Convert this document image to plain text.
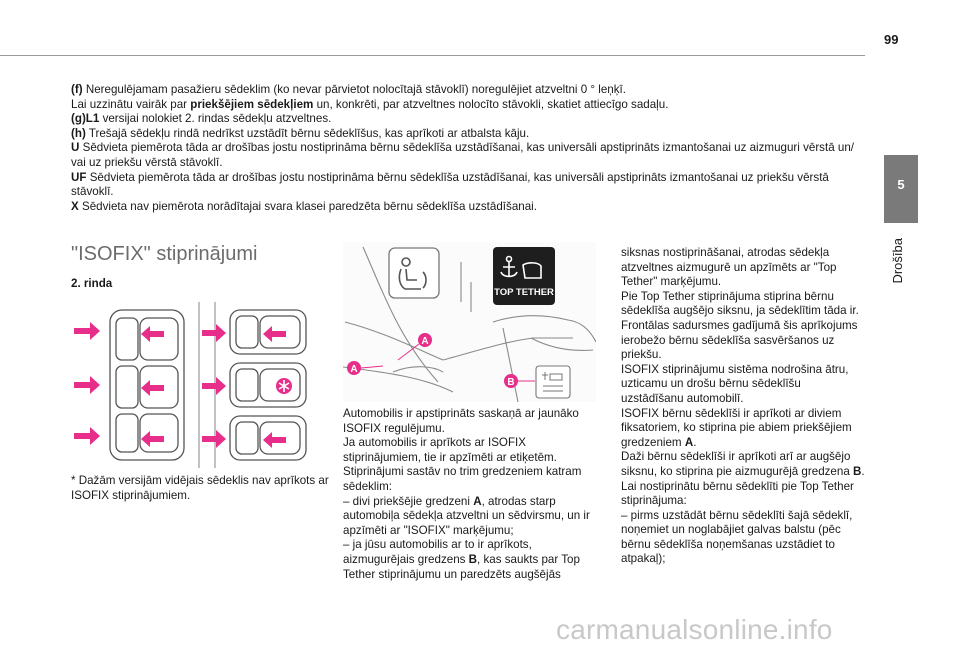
99
5
Drošība

(f) Neregulējamam pasažieru sēdeklim (ko nevar pārvietot nolocītajā stāvoklī) noregulējiet atzveltni 0 ° leņķī.

Lai uzzinātu vairāk par priekšējiem sēdekļiem un, konkrēti, par atzveltnes nolocīto stāvokli, skatiet attiecīgo sadaļu.

(g)L1 versijai nolokiet 2. rindas sēdekļu atzveltnes.

(h) Trešajā sēdekļu rindā nedrīkst uzstādīt bērnu sēdeklīšus, kas aprīkoti ar atbalsta kāju.

U Sēdvieta piemērota tāda ar drošības jostu nostiprināma bērnu sēdeklīša uzstādīšanai, kas universāli apstiprināts izmantošanai uz aizmuguri vērstā un/ vai uz priekšu vērstā stāvoklī.

UF Sēdvieta piemērota tāda ar drošības jostu nostiprināma bērnu sēdeklīša uzstādīšanai, kas universāli apstiprināts izmantošanai uz priekšu vērstā stāvoklī.

X Sēdvieta nav piemērota norādītajai svara klasei paredzēta bērnu sēdeklīša uzstādīšanai.

"ISOFIX" stiprinājumi
2. rinda
* Dažām versijām vidējais sēdeklis nav aprīkots ar ISOFIX stiprinājumiem.
TOP TETHER
A
A
B

Automobilis ir apstiprināts saskaņā ar jaunāko ISOFIX regulējumu.

Ja automobilis ir aprīkots ar ISOFIX stiprinājumiem, tie ir apzīmēti ar etiķetēm.

Stiprinājumi sastāv no trim gredzeniem katram sēdeklim:

– divi priekšējie gredzeni A, atrodas starp automobiļa sēdekļa atzveltni un sēdvirsmu, un ir apzīmēti ar "ISOFIX" marķējumu;

– ja jūsu automobilis ar to ir aprīkots, aizmugurējais gredzens B, kas saukts par Top Tether stiprinājumu un paredzēts augšējās

siksnas nostiprināšanai, atrodas sēdekļa atzveltnes aizmugurē un apzīmēts ar "Top Tether" marķējumu.

Pie Top Tether stiprinājuma stiprina bērnu sēdeklīša augšējo siksnu, ja sēdeklītim tāda ir.

Frontālas sadursmes gadījumā šis aprīkojums ierobežo bērnu sēdeklīša sasvēršanos uz priekšu.

ISOFIX stiprinājumu sistēma nodrošina ātru, uzticamu un drošu bērnu sēdeklīšu uzstādīšanu automobilī.

ISOFIX bērnu sēdeklīši ir aprīkoti ar diviem fiksatoriem, ko stiprina pie abiem priekšējiem gredzeniem A.

Daži bērnu sēdeklīši ir aprīkoti arī ar augšējo siksnu, ko stiprina pie aizmugurējā gredzena B.

Lai nostiprinātu bērnu sēdeklīti pie Top Tether stiprinājuma:

– pirms uzstādāt bērnu sēdeklīti šajā sēdeklī, noņemiet un noglabājiet galvas balstu (pēc bērnu sēdeklīša noņemšanas uzstādiet to atpakaļ);

carmanualsonline.info
